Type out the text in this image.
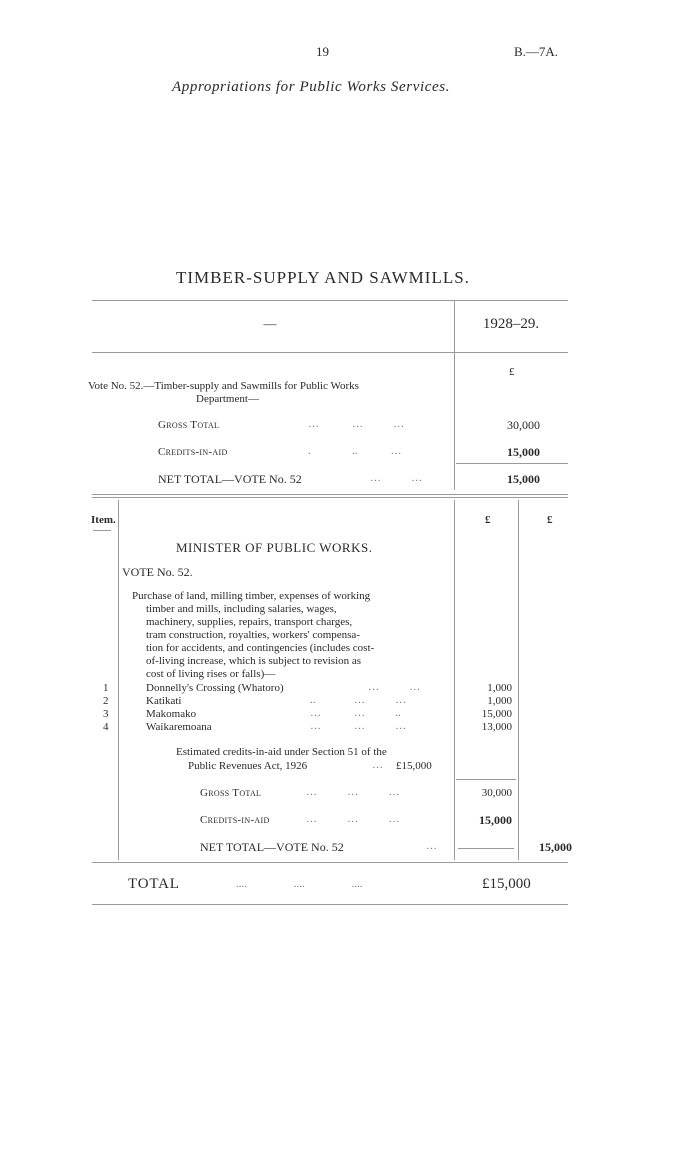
19	B.—7A.
Appropriations for Public Works Services.
TIMBER-SUPPLY AND SAWMILLS.
—	1928–29.
£
Vote No. 52.—Timber-supply and Sawmills for Public Works
Department—
Gross Total	…            …           …	30,000
Credits-in-aid	.               ..            …	15,000
NET TOTAL—VOTE No. 52	…           …	15,000
Item.	£	£
MINISTER OF PUBLIC WORKS.
VOTE No. 52.
Purchase of land, milling timber, expenses of working
timber and mills, including salaries, wages,
machinery, supplies, repairs, transport charges,
tram construction, royalties, workers' compensa-
tion for accidents, and contingencies (includes cost-
of-living increase, which is subject to revision as
cost of living rises or falls)—
1	Donnelly's Crossing (Whatoro)	…           …	1,000
2	Katikati	..              …           …	1,000
3	Makomako	…            …           ..	15,000
4	Waikaremoana	…            …           …	13,000
Estimated credits-in-aid under Section 51 of the
Public Revenues Act, 1926	… £15,000
Gross Total	…           …           …	30,000
Credits-in-aid	…           …           …	15,000
NET TOTAL—VOTE No. 52	…	15,000
TOTAL	....                 ....                 ....	£15,000
